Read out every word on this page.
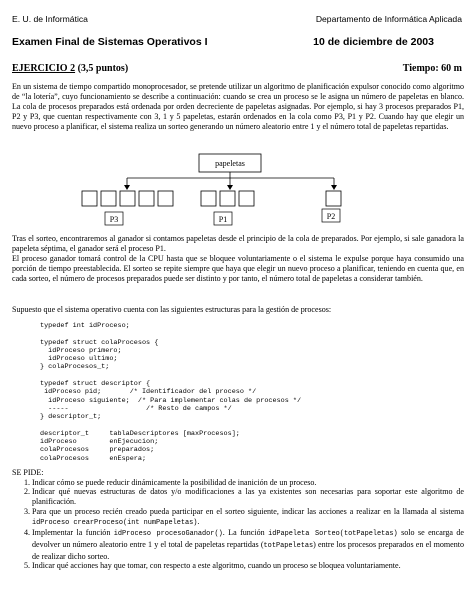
E. U. de Informática	Departamento de Informática Aplicada
Examen Final de Sistemas Operativos I	10 de diciembre de 2003
EJERCICIO 2 (3,5 puntos)	Tiempo: 60 m
En un sistema de tiempo compartido monoprocesador, se pretende utilizar un algoritmo de planificación expulsor conocido como algoritmo de “la lotería”, cuyo funcionamiento se describe a continuación: cuando se crea un proceso se le asigna un número de papeletas en blanco. La cola de procesos preparados está ordenada por orden decreciente de papeletas asignadas. Por ejemplo, si hay 3 procesos preparados P1, P2 y P3, que cuentan respectivamente con 3, 1 y 5 papeletas, estarán ordenados en la cola como P3, P1 y P2. Cuando hay que elegir un nuevo proceso a planificar, el sistema realiza un sorteo generando un número aleatorio entre 1 y el número total de papeletas repartidas.
papeletas
P3	P1	P2
Tras el sorteo, encontraremos al ganador si contamos papeletas desde el principio de la cola de preparados. Por ejemplo, si sale ganadora la papeleta séptima, el ganador será el proceso P1.
El proceso ganador tomará control de la CPU hasta que se bloquee voluntariamente o el sistema le expulse porque haya consumido una porción de tiempo preestablecida. El sorteo se repite siempre que haya que elegir un nuevo proceso a planificar, teniendo en cuenta que, en cada sorteo, el número de procesos preparados puede ser distinto y por tanto, el número total de papeletas a considerar también.
Supuesto que el sistema operativo cuenta con las siguientes estructuras para la gestión de procesos:
typedef int idProceso;

typedef struct colaProcesos {
idProceso primero;
idProceso ultimo;
} colaProcesos_t;

typedef struct descriptor {
idProceso pid;       /* Identificador del proceso */
idProceso siguiente;  /* Para implementar colas de procesos */
-----                   /* Resto de campos */
} descriptor_t;

descriptor_t     tablaDescriptores [maxProcesos];
idProceso        enEjecucion;
colaProcesos     preparados;
colaProcesos     enEspera;
SE PIDE:
1. Indicar cómo se puede reducir dinámicamente la posibilidad de inanición de un proceso.
2. Indicar qué nuevas estructuras de datos y/o modificaciones a las ya existentes son necesarias para soportar este algoritmo de planificación.
3. Para que un proceso recién creado pueda participar en el sorteo siguiente, indicar las acciones a realizar en la llamada al sistema idProceso crearProceso(int numPapeletas).
4. Implementar la función idProceso procesoGanador(). La función idPapeleta Sorteo(totPapeletas) solo se encarga de devolver un número aleatorio entre 1 y el total de papeletas repartidas (totPapeletas) entre los procesos preparados en el momento de realizar dicho sorteo.
5. Indicar qué acciones hay que tomar, con respecto a este algoritmo, cuando un proceso se bloquea voluntariamente.
